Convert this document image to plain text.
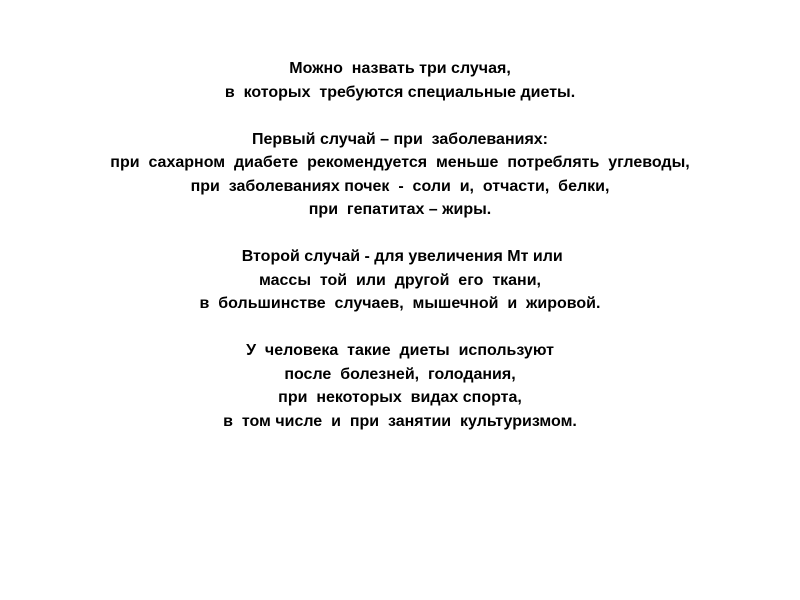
Можно  назвать три случая,
в  которых  требуются специальные диеты.
Первый случай – при  заболеваниях:
при  сахарном  диабете  рекомендуется  меньше  потреблять  углеводы,
при  заболеваниях почек  -  соли  и,  отчасти,  белки,
при  гепатитах – жиры.
Второй случай - для увеличения Мт или
массы  той  или  другой  его  ткани,
в  большинстве  случаев,  мышечной  и  жировой.
У  человека  такие  диеты  используют
после  болезней,  голодания,
при  некоторых  видах спорта,
в  том числе  и  при  занятии  культуризмом.
